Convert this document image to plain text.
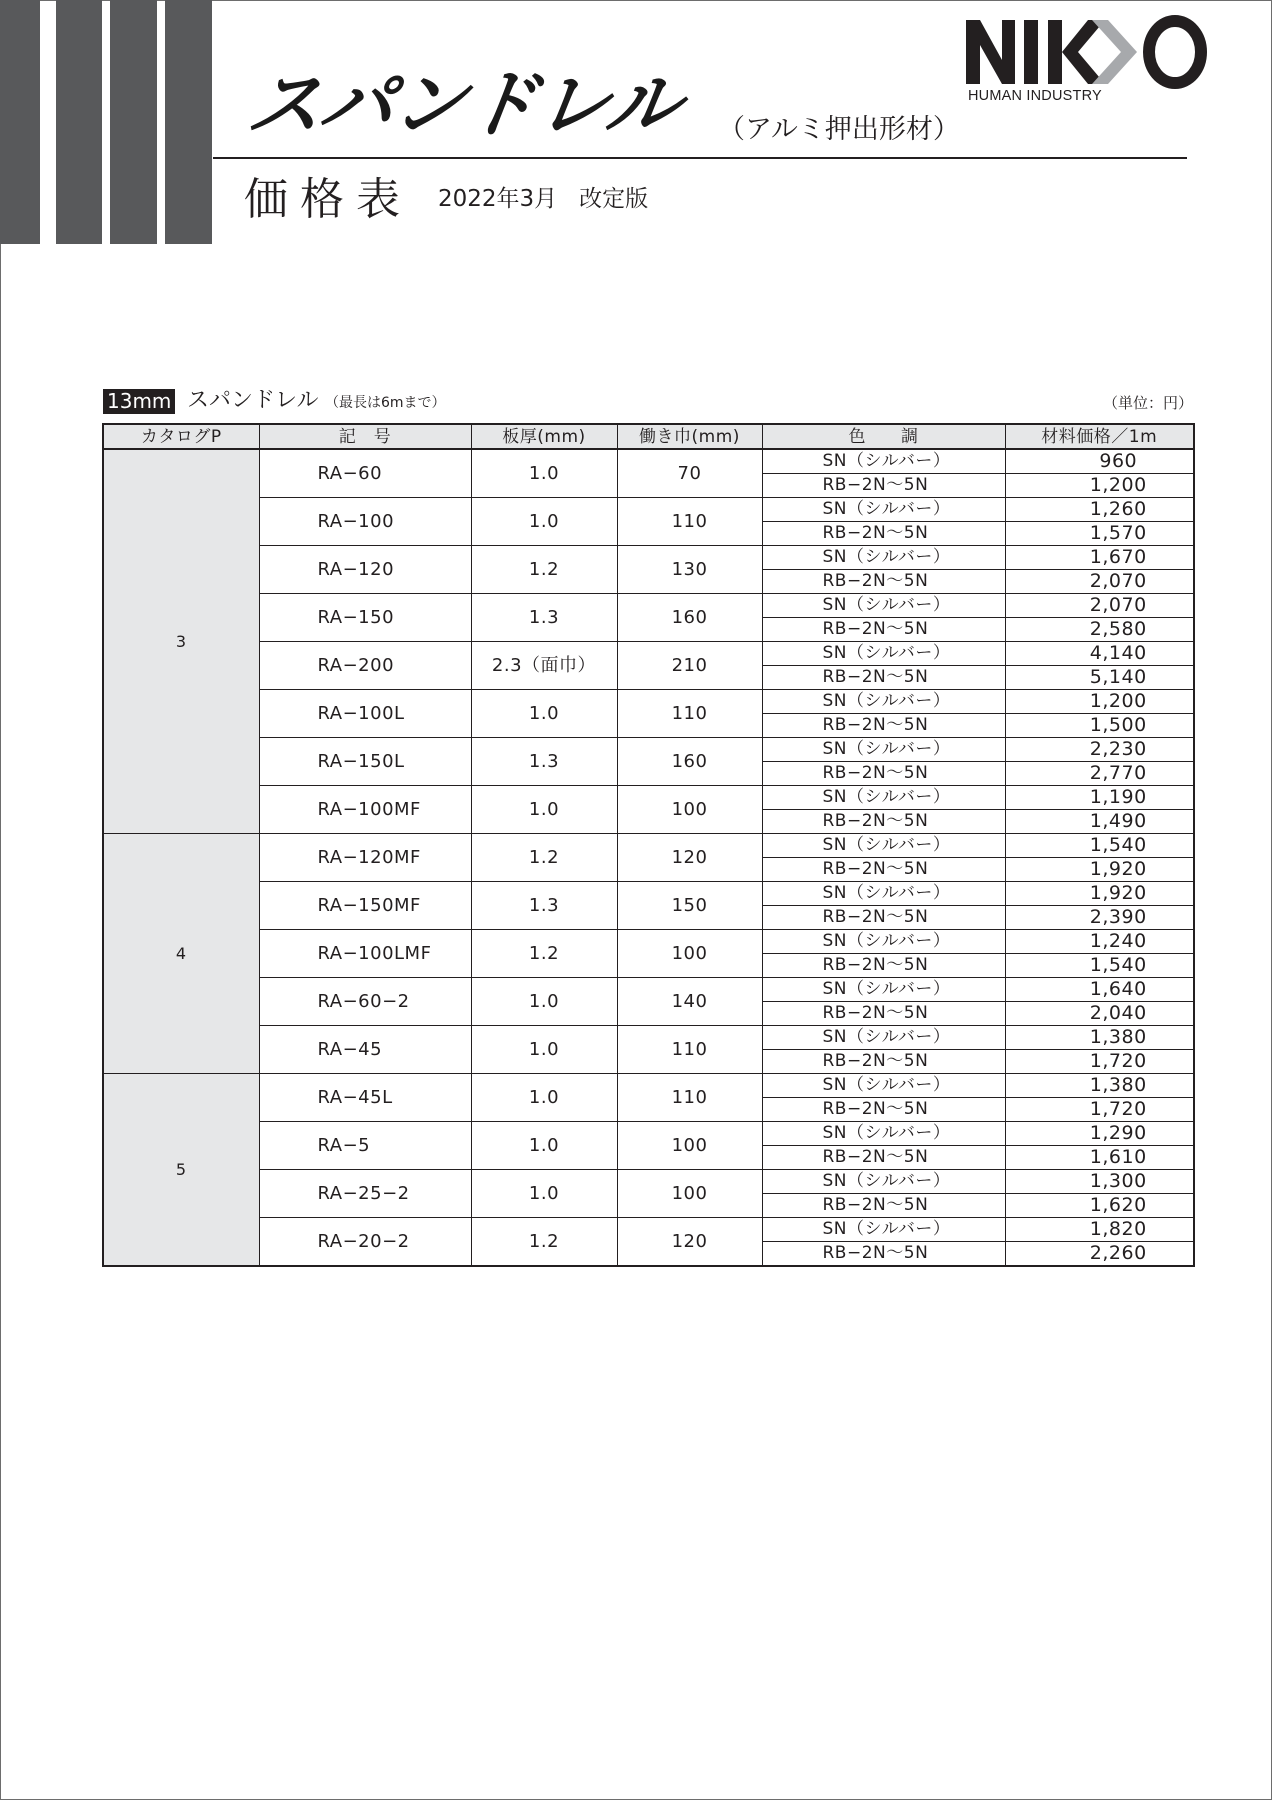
スパンドレル （アルミ押出形材）
価格表 2022年3月 改定版
HUMAN INDUSTRY
13mm スパンドレル （最長は6mまで）	（単位：円）
カタログP	記　号	板厚(mm)	働き巾(mm)	色　　調	材料価格／1m
3	RA−60	1.0	70	SN（シルバー）	960
				RB−2N〜5N	1,200
	RA−100	1.0	110	SN（シルバー）	1,260
				RB−2N〜5N	1,570
	RA−120	1.2	130	SN（シルバー）	1,670
				RB−2N〜5N	2,070
	RA−150	1.3	160	SN（シルバー）	2,070
				RB−2N〜5N	2,580
	RA−200	2.3（面巾）	210	SN（シルバー）	4,140
				RB−2N〜5N	5,140
	RA−100L	1.0	110	SN（シルバー）	1,200
				RB−2N〜5N	1,500
	RA−150L	1.3	160	SN（シルバー）	2,230
				RB−2N〜5N	2,770
	RA−100MF	1.0	100	SN（シルバー）	1,190
				RB−2N〜5N	1,490
4	RA−120MF	1.2	120	SN（シルバー）	1,540
				RB−2N〜5N	1,920
	RA−150MF	1.3	150	SN（シルバー）	1,920
				RB−2N〜5N	2,390
	RA−100LMF	1.2	100	SN（シルバー）	1,240
				RB−2N〜5N	1,540
	RA−60−2	1.0	140	SN（シルバー）	1,640
				RB−2N〜5N	2,040
	RA−45	1.0	110	SN（シルバー）	1,380
				RB−2N〜5N	1,720
5	RA−45L	1.0	110	SN（シルバー）	1,380
				RB−2N〜5N	1,720
	RA−5	1.0	100	SN（シルバー）	1,290
				RB−2N〜5N	1,610
	RA−25−2	1.0	100	SN（シルバー）	1,300
				RB−2N〜5N	1,620
	RA−20−2	1.2	120	SN（シルバー）	1,820
				RB−2N〜5N	2,260
